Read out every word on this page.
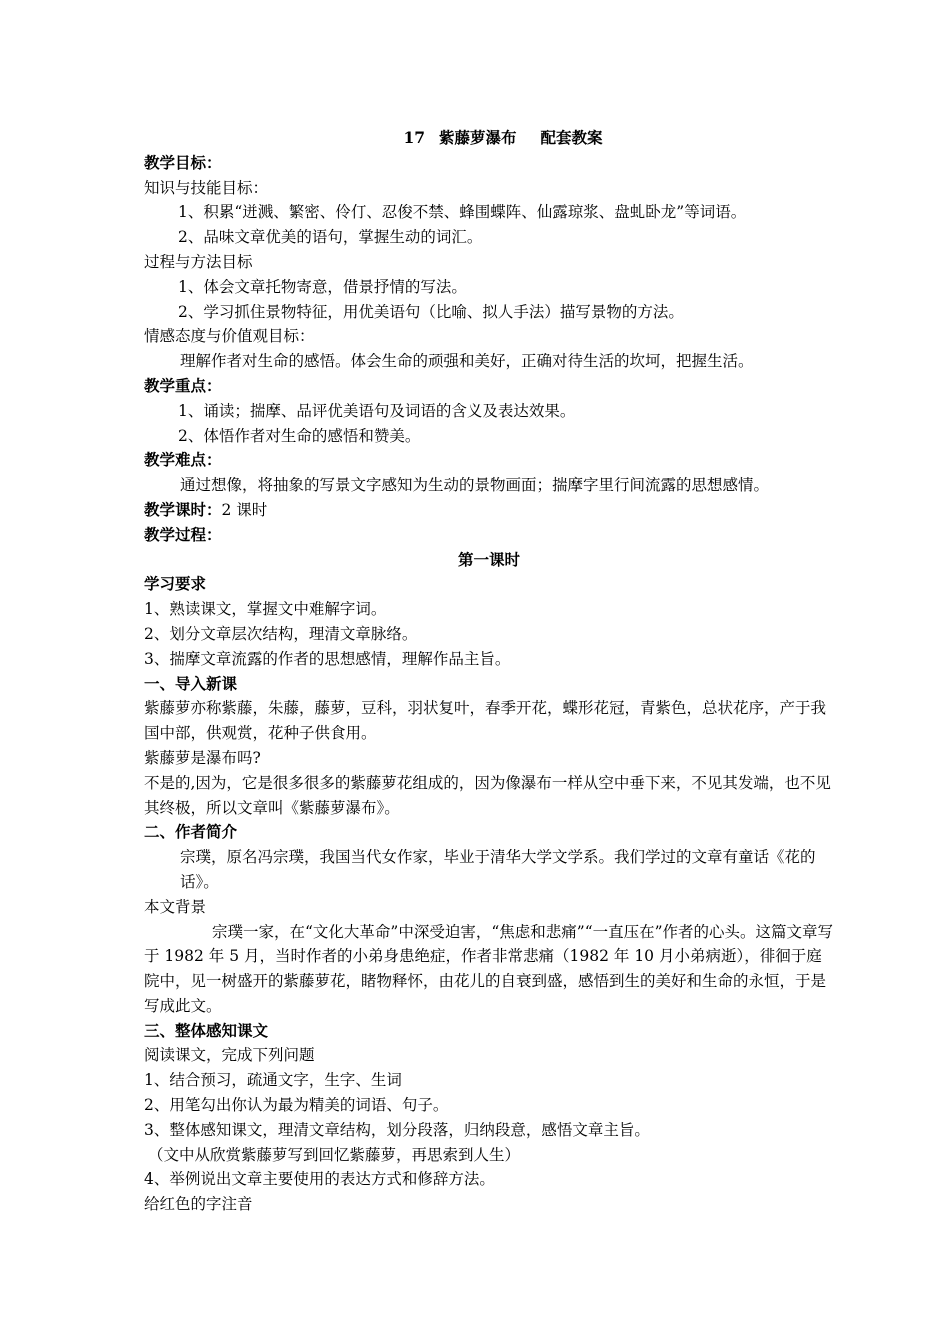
17 紫藤萝瀑布 配套教案

教学目标：

知识与技能目标：

1、积累“迸溅、繁密、伶仃、忍俊不禁、蜂围蝶阵、仙露琼浆、盘虬卧龙”等词语。

2、品味文章优美的语句，掌握生动的词汇。

过程与方法目标

1、体会文章托物寄意，借景抒情的写法。

2、学习抓住景物特征，用优美语句（比喻、拟人手法）描写景物的方法。

情感态度与价值观目标：

理解作者对生命的感悟。体会生命的顽强和美好，正确对待生活的坎坷，把握生活。

教学重点：

1、诵读；揣摩、品评优美语句及词语的含义及表达效果。

2、体悟作者对生命的感悟和赞美。

教学难点：

通过想像，将抽象的写景文字感知为生动的景物画面；揣摩字里行间流露的思想感情。

教学课时：2 课时

教学过程：

第一课时

学习要求

1、熟读课文，掌握文中难解字词。

2、划分文章层次结构，理清文章脉络。

3、揣摩文章流露的作者的思想感情，理解作品主旨。

一、导入新课

紫藤萝亦称紫藤，朱藤，藤萝，豆科，羽状复叶，春季开花，蝶形花冠，青紫色，总状花序，产于我国中部，供观赏，花种子供食用。

紫藤萝是瀑布吗?

不是的,因为，它是很多很多的紫藤萝花组成的，因为像瀑布一样从空中垂下来，不见其发端，也不见其终极，所以文章叫《紫藤萝瀑布》。

二、作者简介

宗璞，原名冯宗璞，我国当代女作家，毕业于清华大学文学系。我们学过的文章有童话《花的话》。

本文背景

宗璞一家，在“文化大革命”中深受迫害，“焦虑和悲痛”“一直压在”作者的心头。这篇文章写于 1982 年 5 月，当时作者的小弟身患绝症，作者非常悲痛（1982 年 10 月小弟病逝），徘徊于庭院中，见一树盛开的紫藤萝花，睹物释怀，由花儿的自衰到盛，感悟到生的美好和生命的永恒，于是写成此文。

三、整体感知课文

阅读课文，完成下列问题

1、结合预习，疏通文字，生字、生词

2、用笔勾出你认为最为精美的词语、句子。

3、整体感知课文，理清文章结构，划分段落，归纳段意，感悟文章主旨。

（文中从欣赏紫藤萝写到回忆紫藤萝，再思索到人生）

4、举例说出文章主要使用的表达方式和修辞方法。

给红色的字注音
